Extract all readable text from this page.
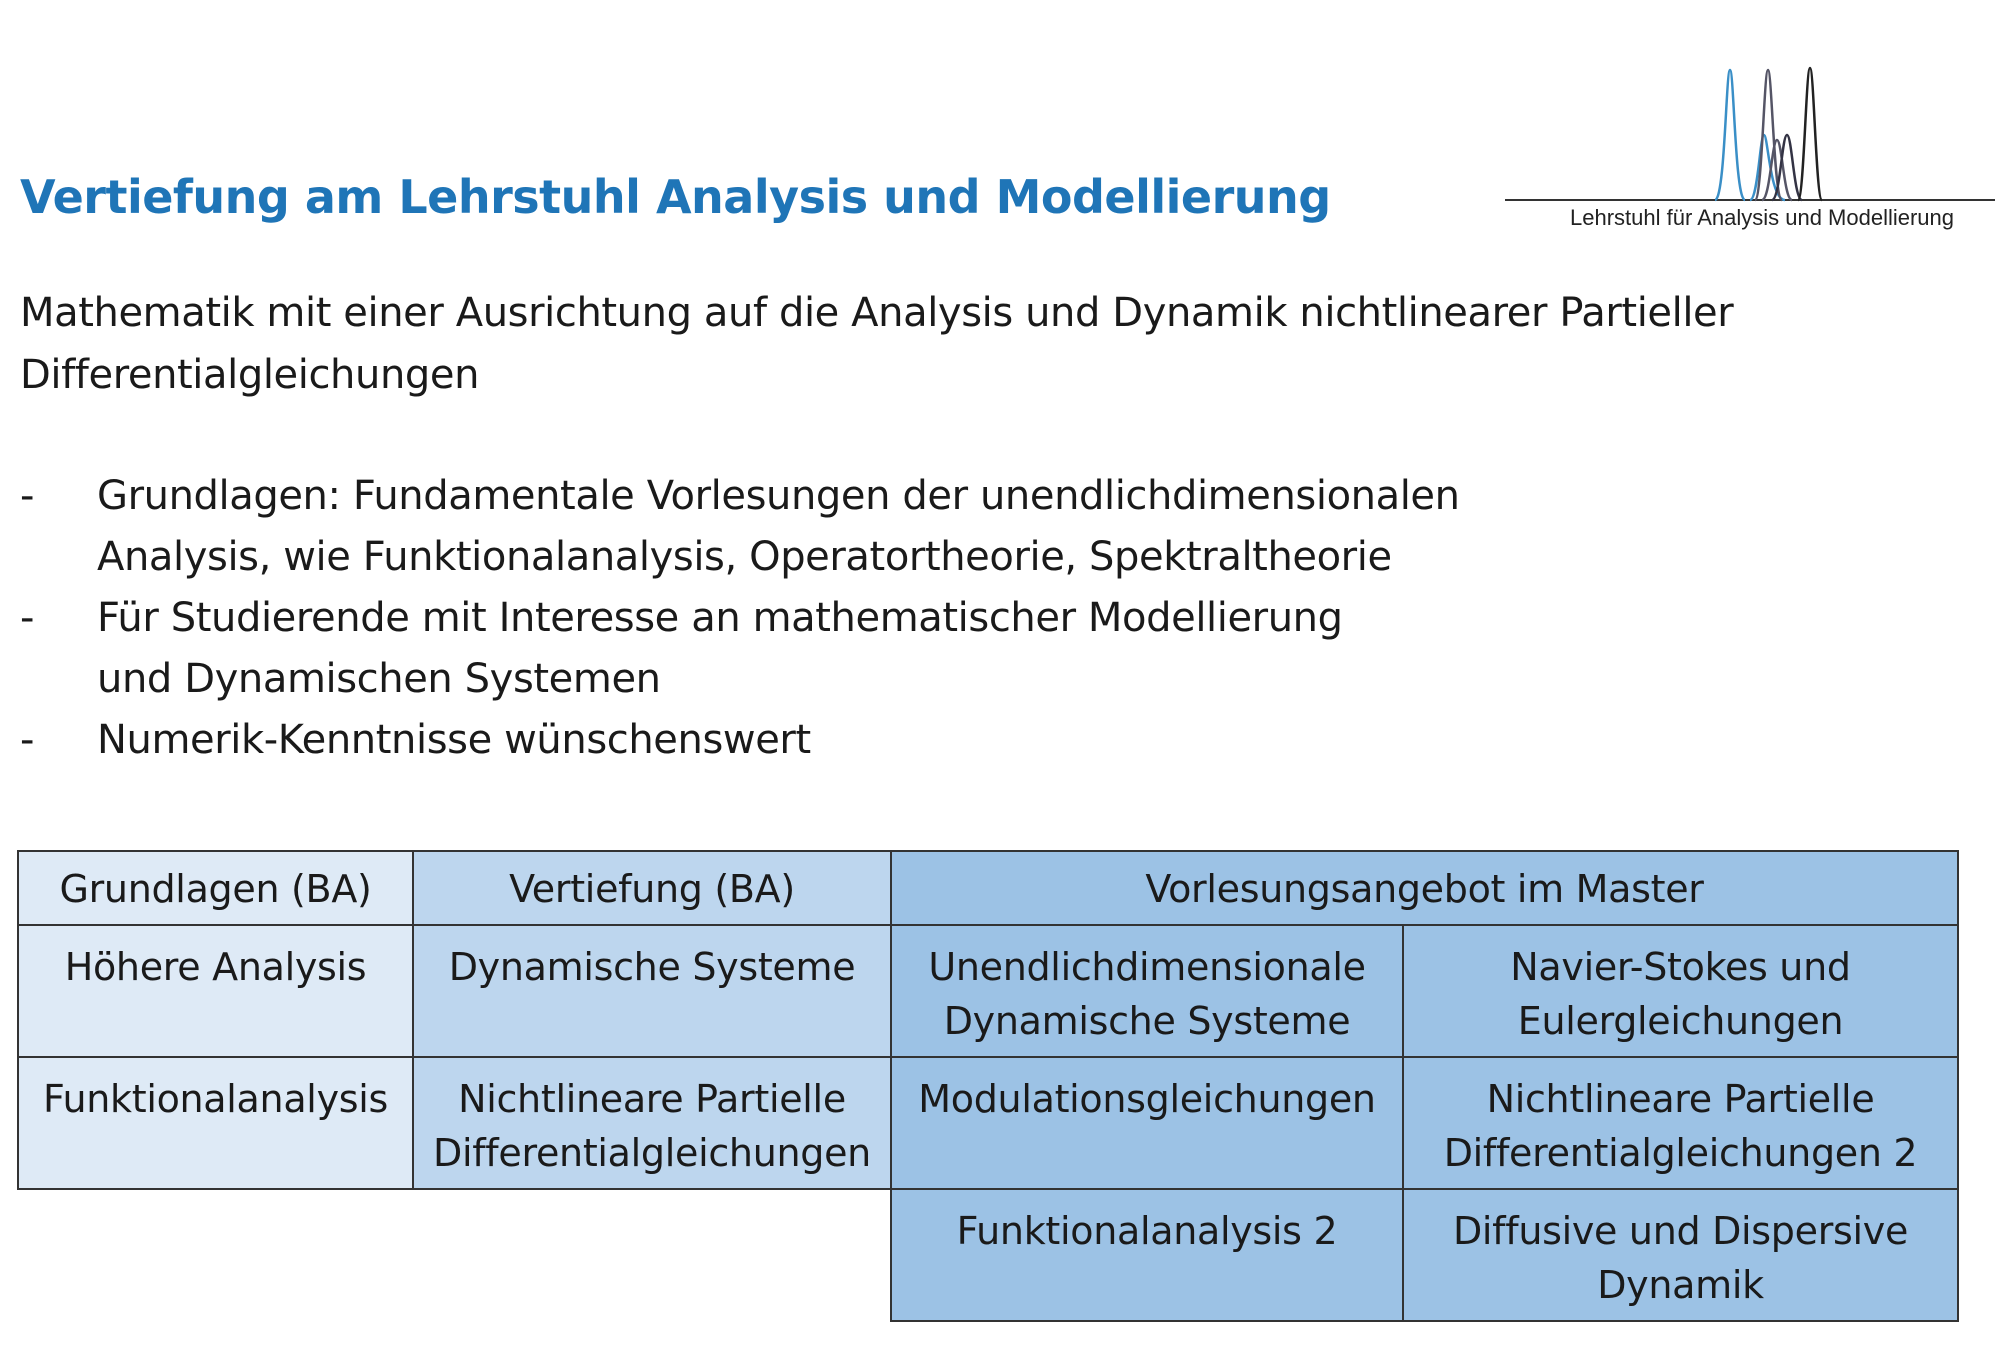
Vertiefung am Lehrstuhl Analysis und Modellierung	Lehrstuhl für Analysis und Modellierung
Mathematik mit einer Ausrichtung auf die Analysis und Dynamik nichtlinearer Partieller Differentialgleichungen
- Grundlagen: Fundamentale Vorlesungen der unendlichdimensionalen
Analysis, wie Funktionalanalysis, Operatortheorie, Spektraltheorie
- Für Studierende mit Interesse an mathematischer Modellierung
und Dynamischen Systemen
- Numerik-Kenntnisse wünschenswert
Grundlagen (BA)	Vertiefung (BA)	Vorlesungsangebot im Master	
Höhere Analysis	Dynamische Systeme	Unendlichdimensionale Dynamische Systeme	Navier-Stokes und Eulergleichungen
Funktionalanalysis	Nichtlineare Partielle Differentialgleichungen	Modulationsgleichungen	Nichtlineare Partielle Differentialgleichungen 2
		Funktionalanalysis 2	Diffusive und Dispersive Dynamik
